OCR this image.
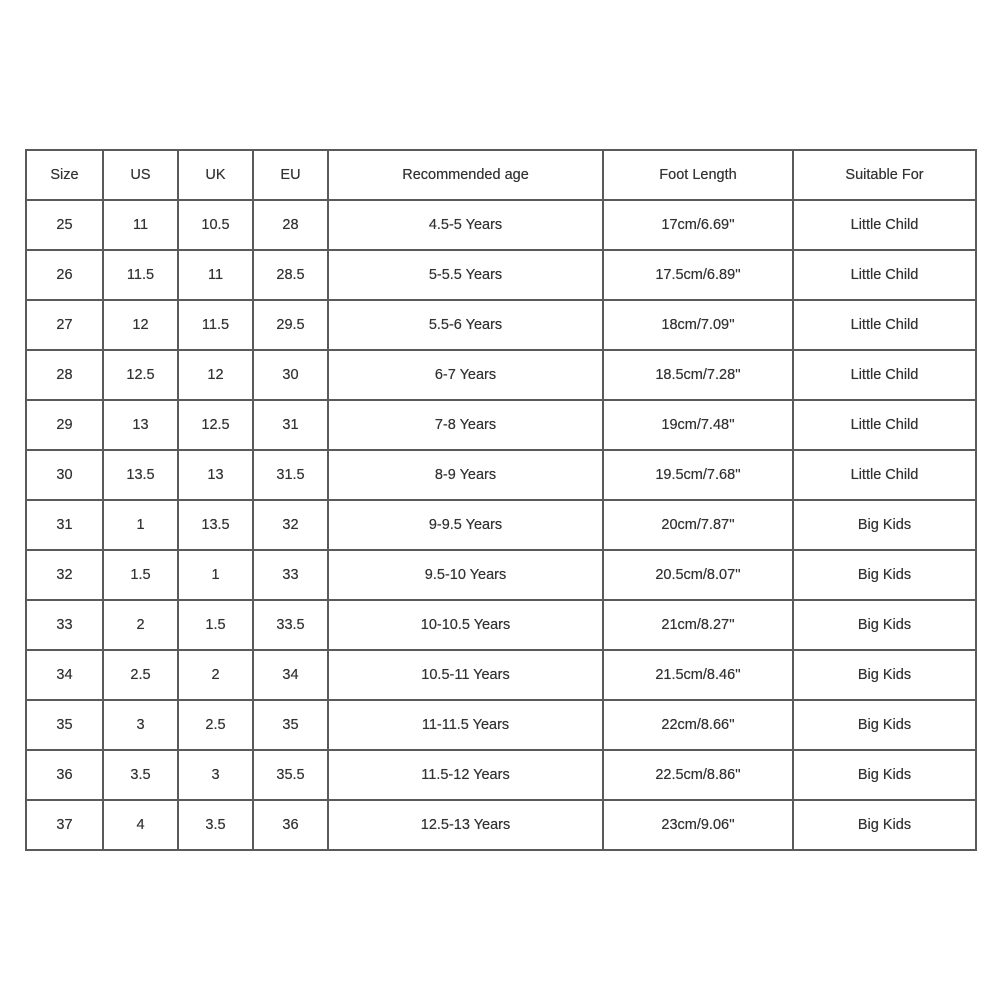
Size	US	UK	EU	Recommended age	Foot Length	Suitable For
25	11	10.5	28	4.5-5 Years	17cm/6.69''	Little Child
26	11.5	11	28.5	5-5.5 Years	17.5cm/6.89''	Little Child
27	12	11.5	29.5	5.5-6 Years	18cm/7.09''	Little Child
28	12.5	12	30	6-7 Years	18.5cm/7.28''	Little Child
29	13	12.5	31	7-8 Years	19cm/7.48''	Little Child
30	13.5	13	31.5	8-9 Years	19.5cm/7.68''	Little Child
31	1	13.5	32	9-9.5 Years	20cm/7.87''	Big Kids
32	1.5	1	33	9.5-10 Years	20.5cm/8.07''	Big Kids
33	2	1.5	33.5	10-10.5 Years	21cm/8.27''	Big Kids
34	2.5	2	34	10.5-11 Years	21.5cm/8.46''	Big Kids
35	3	2.5	35	11-11.5 Years	22cm/8.66''	Big Kids
36	3.5	3	35.5	11.5-12 Years	22.5cm/8.86''	Big Kids
37	4	3.5	36	12.5-13 Years	23cm/9.06''	Big Kids
